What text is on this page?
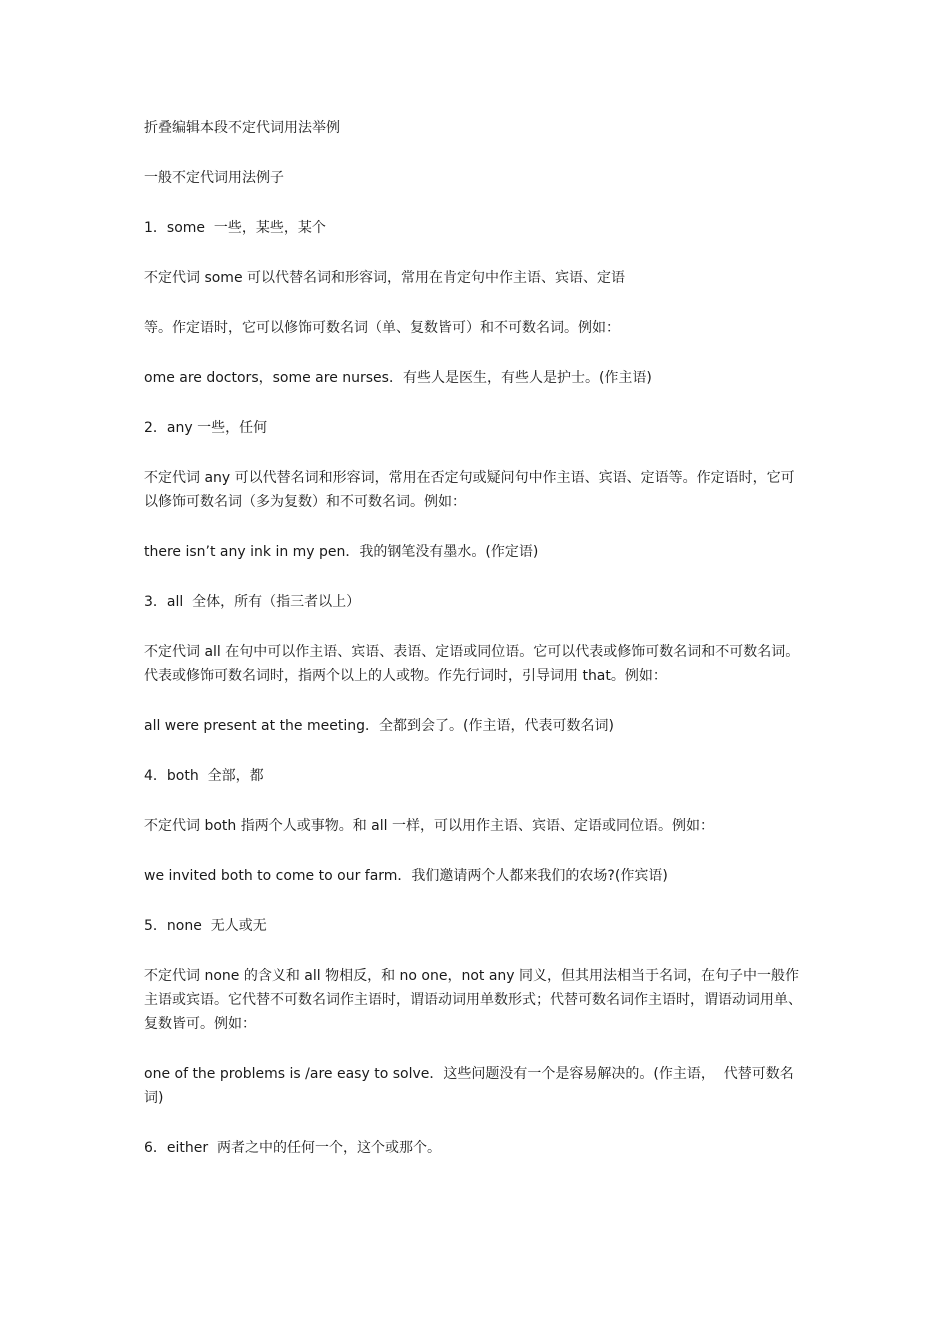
折叠编辑本段不定代词用法举例

一般不定代词用法例子

1．some  一些，某些，某个

不定代词 some 可以代替名词和形容词，常用在肯定句中作主语、宾语、定语

等。作定语时，它可以修饰可数名词（单、复数皆可）和不可数名词。例如：

ome are doctors，some are nurses．有些人是医生，有些人是护士。(作主语)

2．any 一些，任何

不定代词 any 可以代替名词和形容词，常用在否定句或疑问句中作主语、宾语、定语等。作定语时，它可以修饰可数名词（多为复数）和不可数名词。例如：

there isn’t any ink in my pen．我的钢笔没有墨水。(作定语)

3．all  全体，所有（指三者以上）

不定代词 all 在句中可以作主语、宾语、表语、定语或同位语。它可以代表或修饰可数名词和不可数名词。代表或修饰可数名词时，指两个以上的人或物。作先行词时，引导词用 that。例如：

all were present at the meeting．全都到会了。(作主语，代表可数名词)

4．both  全部，都

不定代词 both 指两个人或事物。和 all 一样，可以用作主语、宾语、定语或同位语。例如：

we invited both to come to our farm．我们邀请两个人都来我们的农场?(作宾语)

5．none  无人或无

不定代词 none 的含义和 all 物相反，和 no one，not any 同义，但其用法相当于名词，在句子中一般作主语或宾语。它代替不可数名词作主语时，谓语动词用单数形式；代替可数名词作主语时，谓语动词用单、复数皆可。例如：

one of the problems is /are easy to solve．这些问题没有一个是容易解决的。(作主语，  代替可数名词)

6．either  两者之中的任何一个，这个或那个。
